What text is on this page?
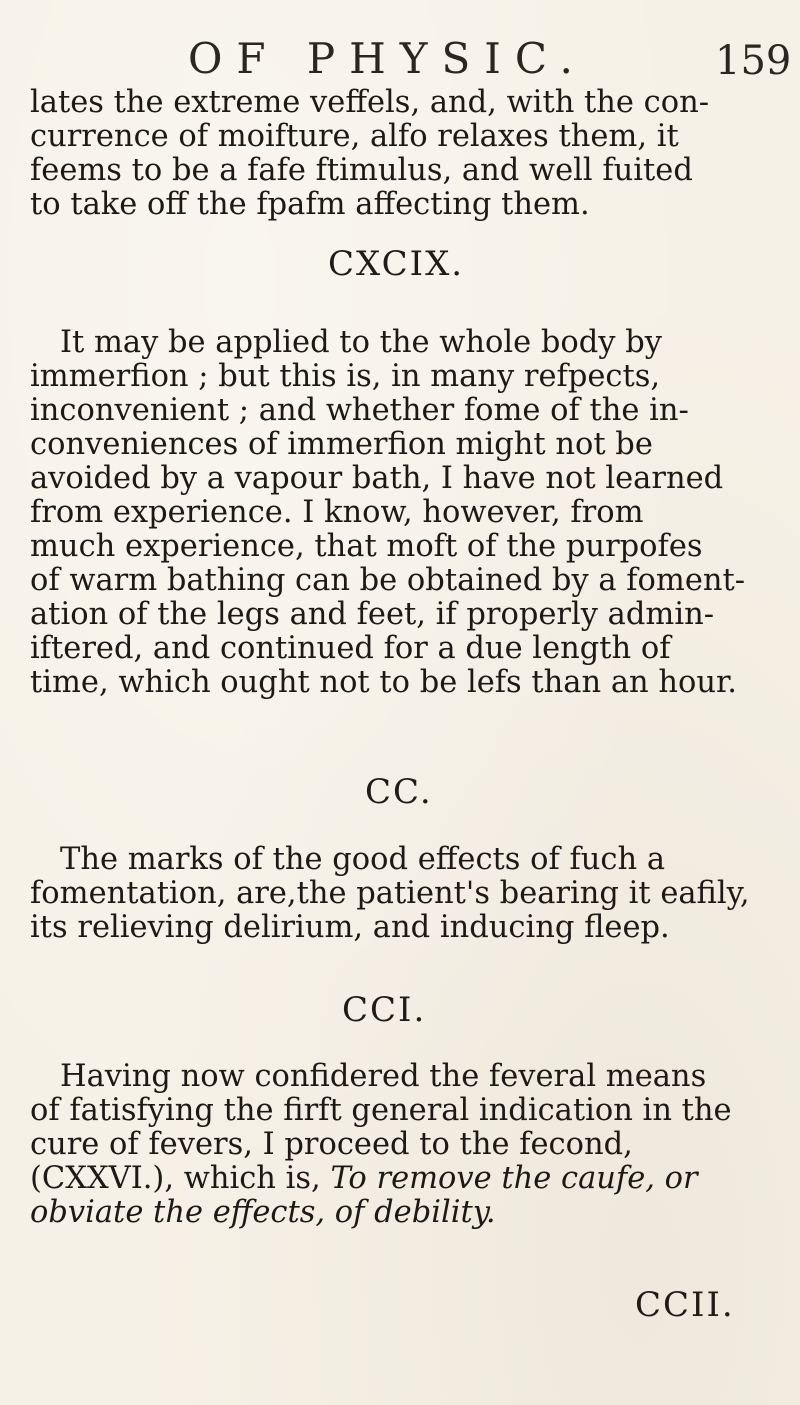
OF PHYSIC.	159
lates the extreme veffels, and, with the con-
currence of moifture, alfo relaxes them, it
feems to be a fafe ftimulus, and well fuited
to take off the fpafm affecting them.
CXCIX.
It may be applied to the whole body by
immerfion ; but this is, in many refpects,
inconvenient ; and whether fome of the in-
conveniences of immerfion might not be
avoided by a vapour bath, I have not learned
from experience. I know, however, from
much experience, that moft of the purpofes
of warm bathing can be obtained by a foment-
ation of the legs and feet, if properly admin-
iftered, and continued for a due length of
time, which ought not to be lefs than an hour.
CC.
The marks of the good effects of fuch a
fomentation, are,the patient's bearing it eafily,
its relieving delirium, and inducing fleep.
CCI.
Having now confidered the feveral means
of fatisfying the firft general indication in the
cure of fevers, I proceed to the fecond,
(CXXVI.), which is, To remove the caufe, or
obviate the effects, of debility.
CCII.
